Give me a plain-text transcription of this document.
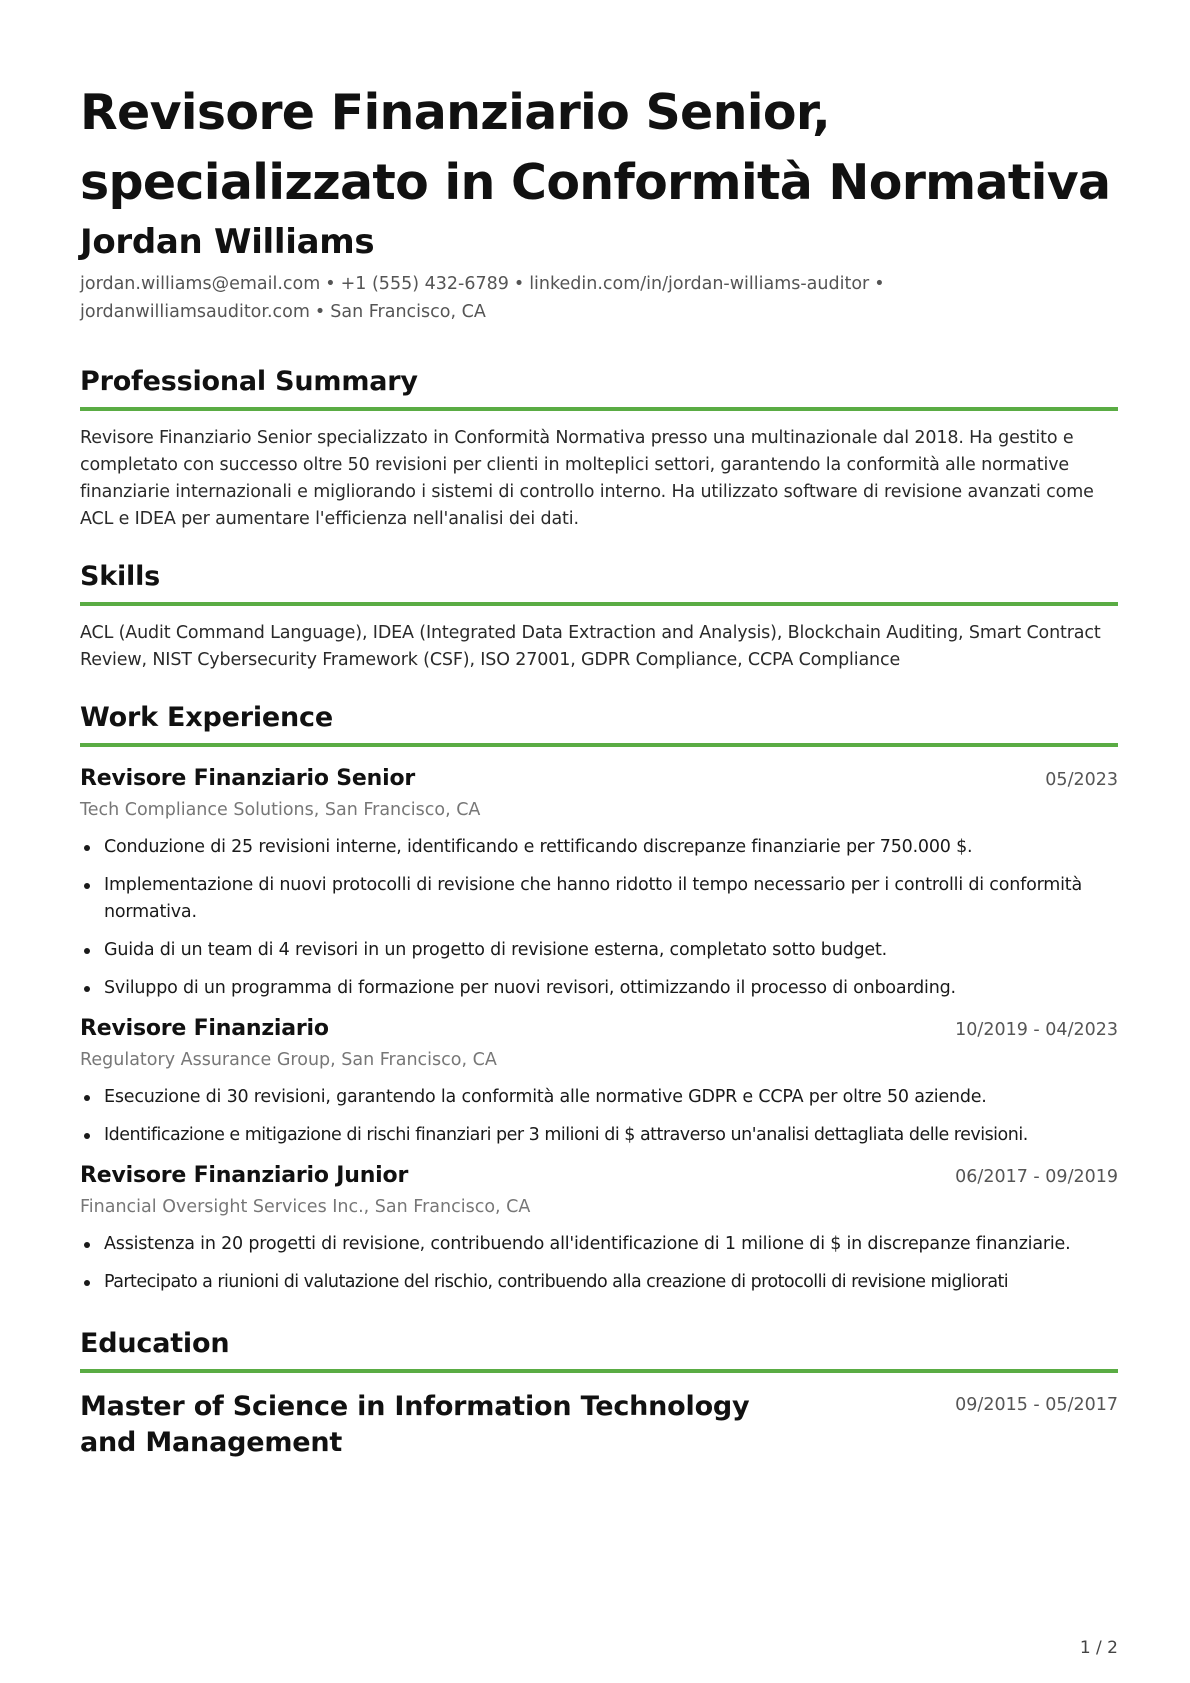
Revisore Finanziario Senior, specializzato in Conformità Normativa
Jordan Williams

jordan.williams@email.com • +1 (555) 432-6789 • linkedin.com/in/jordan-williams-auditor •
jordanwilliamsauditor.com • San Francisco, CA

Professional Summary

Revisore Finanziario Senior specializzato in Conformità Normativa presso una multinazionale dal 2018. Ha gestito e completato con successo oltre 50 revisioni per clienti in molteplici settori, garantendo la conformità alle normative finanziarie internazionali e migliorando i sistemi di controllo interno. Ha utilizzato software di revisione avanzati come ACL e IDEA per aumentare l'efficienza nell'analisi dei dati.

Skills

ACL (Audit Command Language), IDEA (Integrated Data Extraction and Analysis), Blockchain Auditing, Smart Contract Review, NIST Cybersecurity Framework (CSF), ISO 27001, GDPR Compliance, CCPA Compliance

Work Experience
Revisore Finanziario Senior	05/2023
Tech Compliance Solutions, San Francisco, CA
Conduzione di 25 revisioni interne, identificando e rettificando discrepanze finanziarie per 750.000 $.
Implementazione di nuovi protocolli di revisione che hanno ridotto il tempo necessario per i controlli di conformità normativa.
Guida di un team di 4 revisori in un progetto di revisione esterna, completato sotto budget.
Sviluppo di un programma di formazione per nuovi revisori, ottimizzando il processo di onboarding.
Revisore Finanziario	10/2019 - 04/2023
Regulatory Assurance Group, San Francisco, CA
Esecuzione di 30 revisioni, garantendo la conformità alle normative GDPR e CCPA per oltre 50 aziende.
Identificazione e mitigazione di rischi finanziari per 3 milioni di $ attraverso un'analisi dettagliata delle revisioni.
Revisore Finanziario Junior	06/2017 - 09/2019
Financial Oversight Services Inc., San Francisco, CA
Assistenza in 20 progetti di revisione, contribuendo all'identificazione di 1 milione di $ in discrepanze finanziarie.
Partecipato a riunioni di valutazione del rischio, contribuendo alla creazione di protocolli di revisione migliorati
Education
Master of Science in Information Technology and Management
09/2015 - 05/2017
1 / 2
